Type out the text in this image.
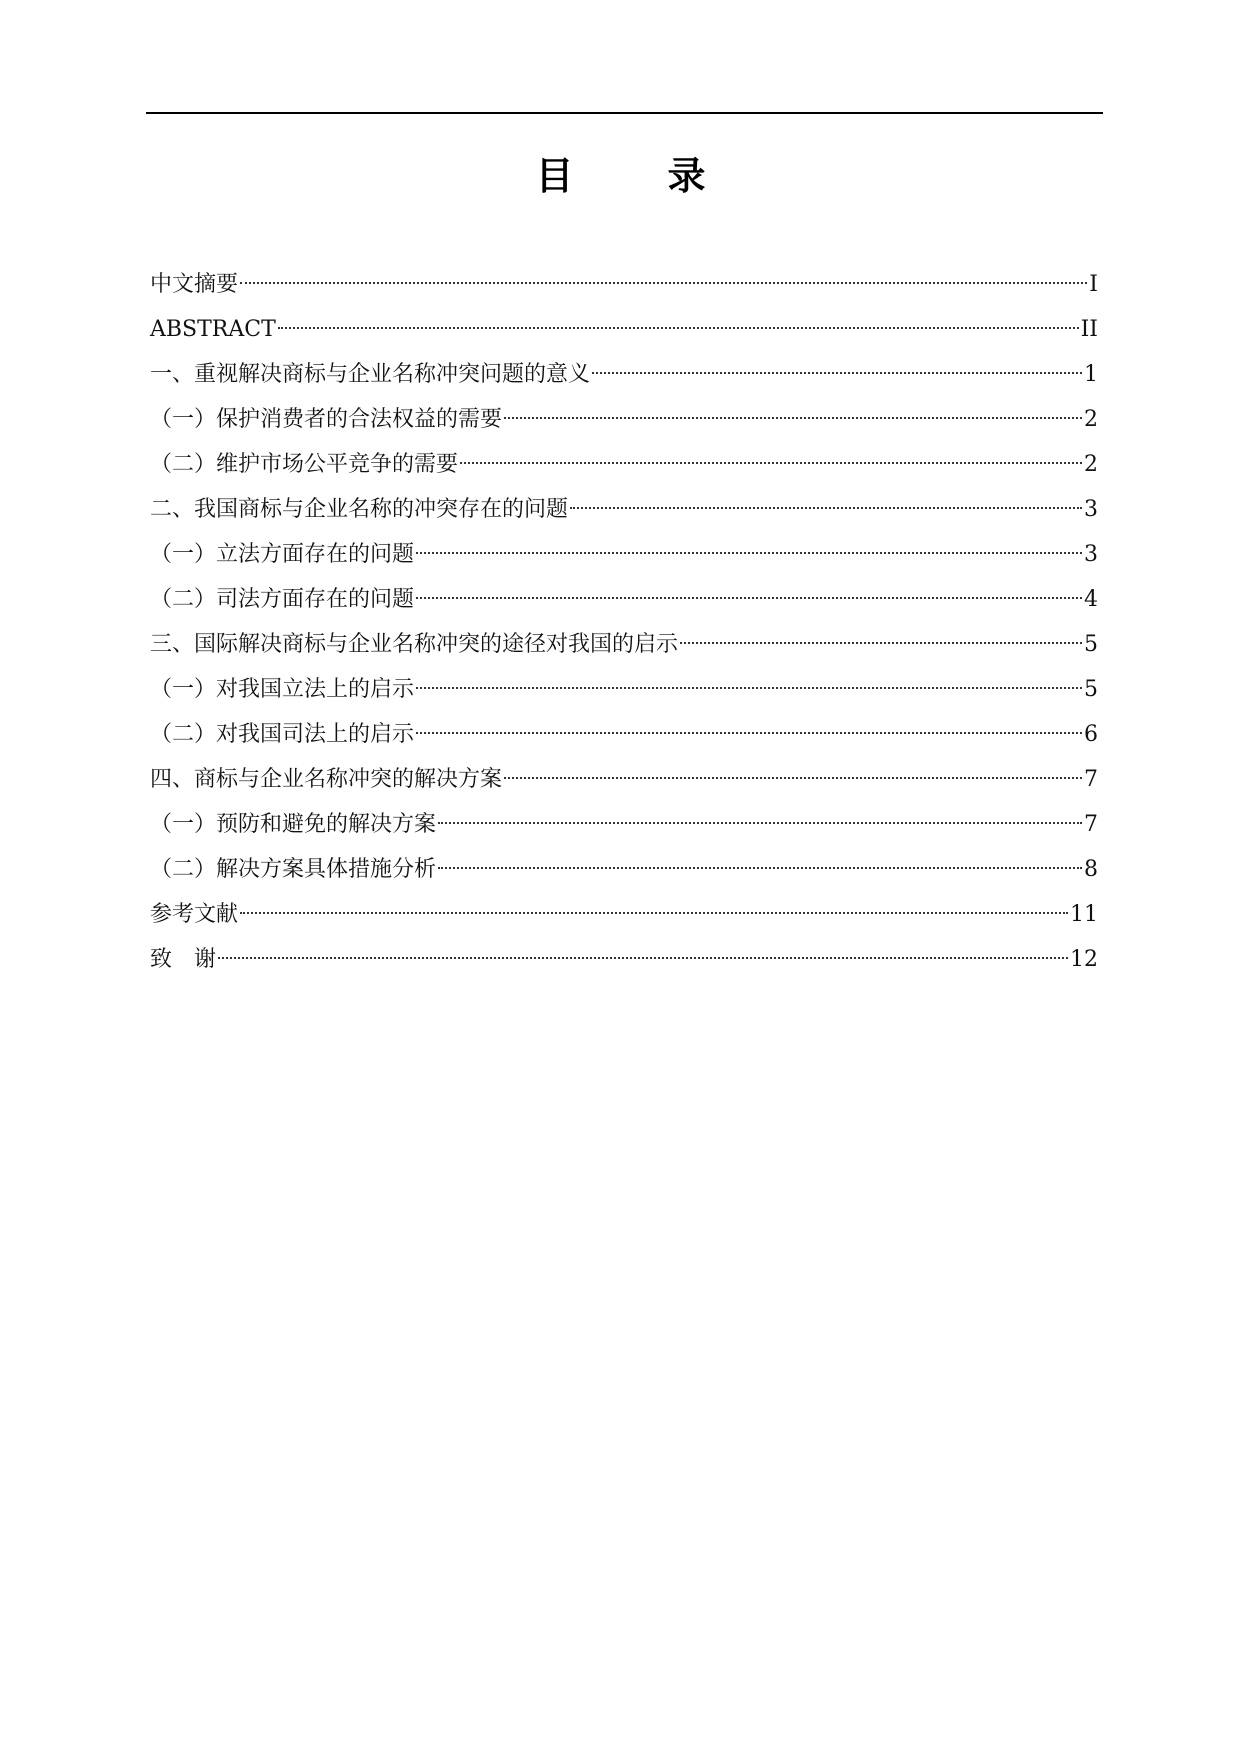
目　录
中文摘要	I
ABSTRACT	II
一、重视解决商标与企业名称冲突问题的意义	1
（一）保护消费者的合法权益的需要	2
（二）维护市场公平竞争的需要	2
二、我国商标与企业名称的冲突存在的问题	3
（一）立法方面存在的问题	3
（二）司法方面存在的问题	4
三、国际解决商标与企业名称冲突的途径对我国的启示	5
（一）对我国立法上的启示	5
（二）对我国司法上的启示	6
四、商标与企业名称冲突的解决方案	7
（一）预防和避免的解决方案	7
（二）解决方案具体措施分析	8
参考文献	11
致　谢	12
